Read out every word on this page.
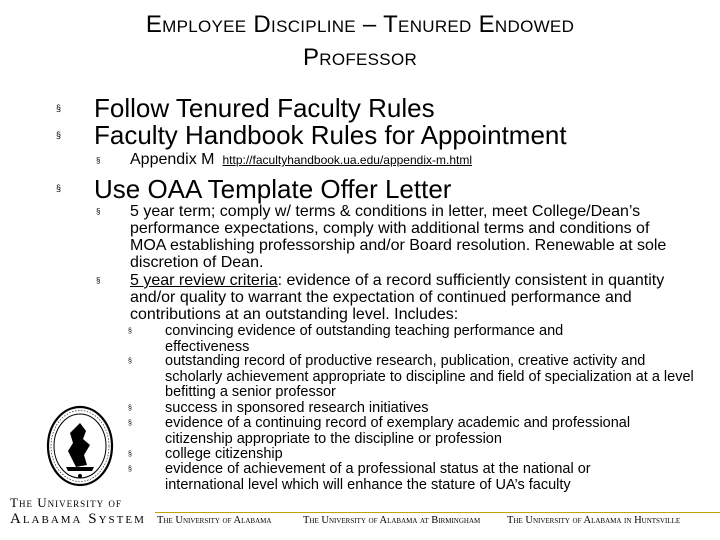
Employee Discipline – Tenured Endowed
Professor
§ Follow Tenured Faculty Rules
§ Faculty Handbook Rules for Appointment
§ Appendix M http://facultyhandbook.ua.edu/appendix-m.html
§ Use OAA Template Offer Letter
§ 5 year term; comply w/ terms & conditions in letter, meet College/Dean’s performance expectations, comply with additional terms and conditions of MOA establishing professorship and/or Board resolution. Renewable at sole discretion of Dean.
§ 5 year review criteria: evidence of a record sufficiently consistent in quantity and/or quality to warrant the expectation of continued performance and contributions at an outstanding level. Includes:
§ convincing evidence of outstanding teaching performance and effectiveness
§ outstanding record of productive research, publication, creative activity and scholarly achievement appropriate to discipline and field of specialization at a level befitting a senior professor
§ success in sponsored research initiatives
§ evidence of a continuing record of exemplary academic and professional citizenship appropriate to the discipline or profession
§ college citizenship
§ evidence of achievement of a professional status at the national or international level which will enhance the stature of UA’s faculty
The University of
Alabama System	The University of Alabama	The University of Alabama at Birmingham	The University of Alabama in Huntsville
